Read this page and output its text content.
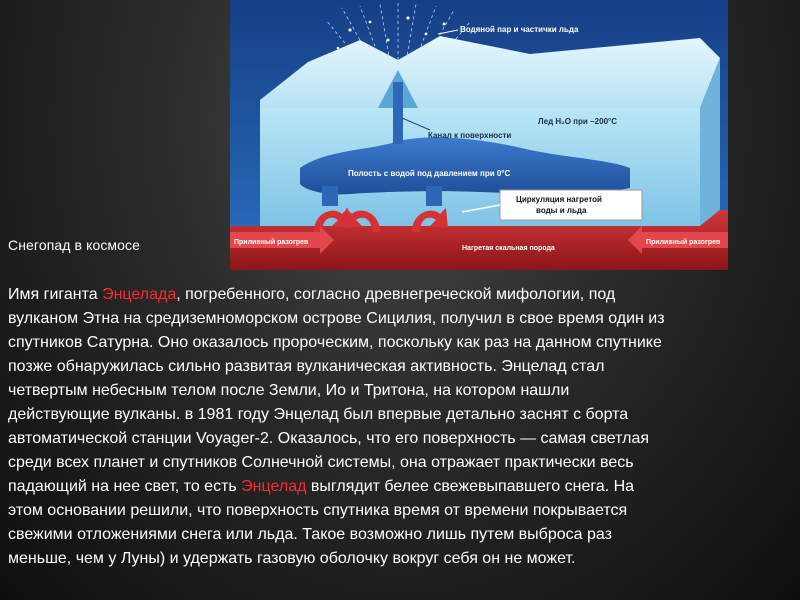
Водяной пар и частички льда
Лед H₂O при −200°C
Канал к поверхности
Полость с водой под давлением при 0°C
Циркуляция нагретой
воды и льда
Приливный разогрев	Приливный разогрев
Нагретая скальная порода
Снегопад в космосе
Имя гиганта Энцелада, погребенного, согласно древнегреческой мифологии, под вулканом Этна на средиземноморском острове Сицилия, получил в свое время один из спутников Сатурна. Оно оказалось пророческим, поскольку как раз на данном спутнике позже обнаружилась сильно развитая вулканическая активность. Энцелад стал четвертым небесным телом после Земли, Ио и Тритона, на котором нашли действующие вулканы. в 1981 году Энцелад был впервые детально заснят с борта автоматической станции Voyager-2. Оказалось, что его поверхность — самая светлая среди всех планет и спутников Солнечной системы, она отражает практически весь падающий на нее свет, то есть Энцелад выглядит белее свежевыпавшего снега. На этом основании решили, что поверхность спутника время от времени покрывается свежими отложениями снега или льда. Такое возможно лишь путем выброса раз меньше, чем у Луны) и удержать газовую оболочку вокруг себя он не может.
